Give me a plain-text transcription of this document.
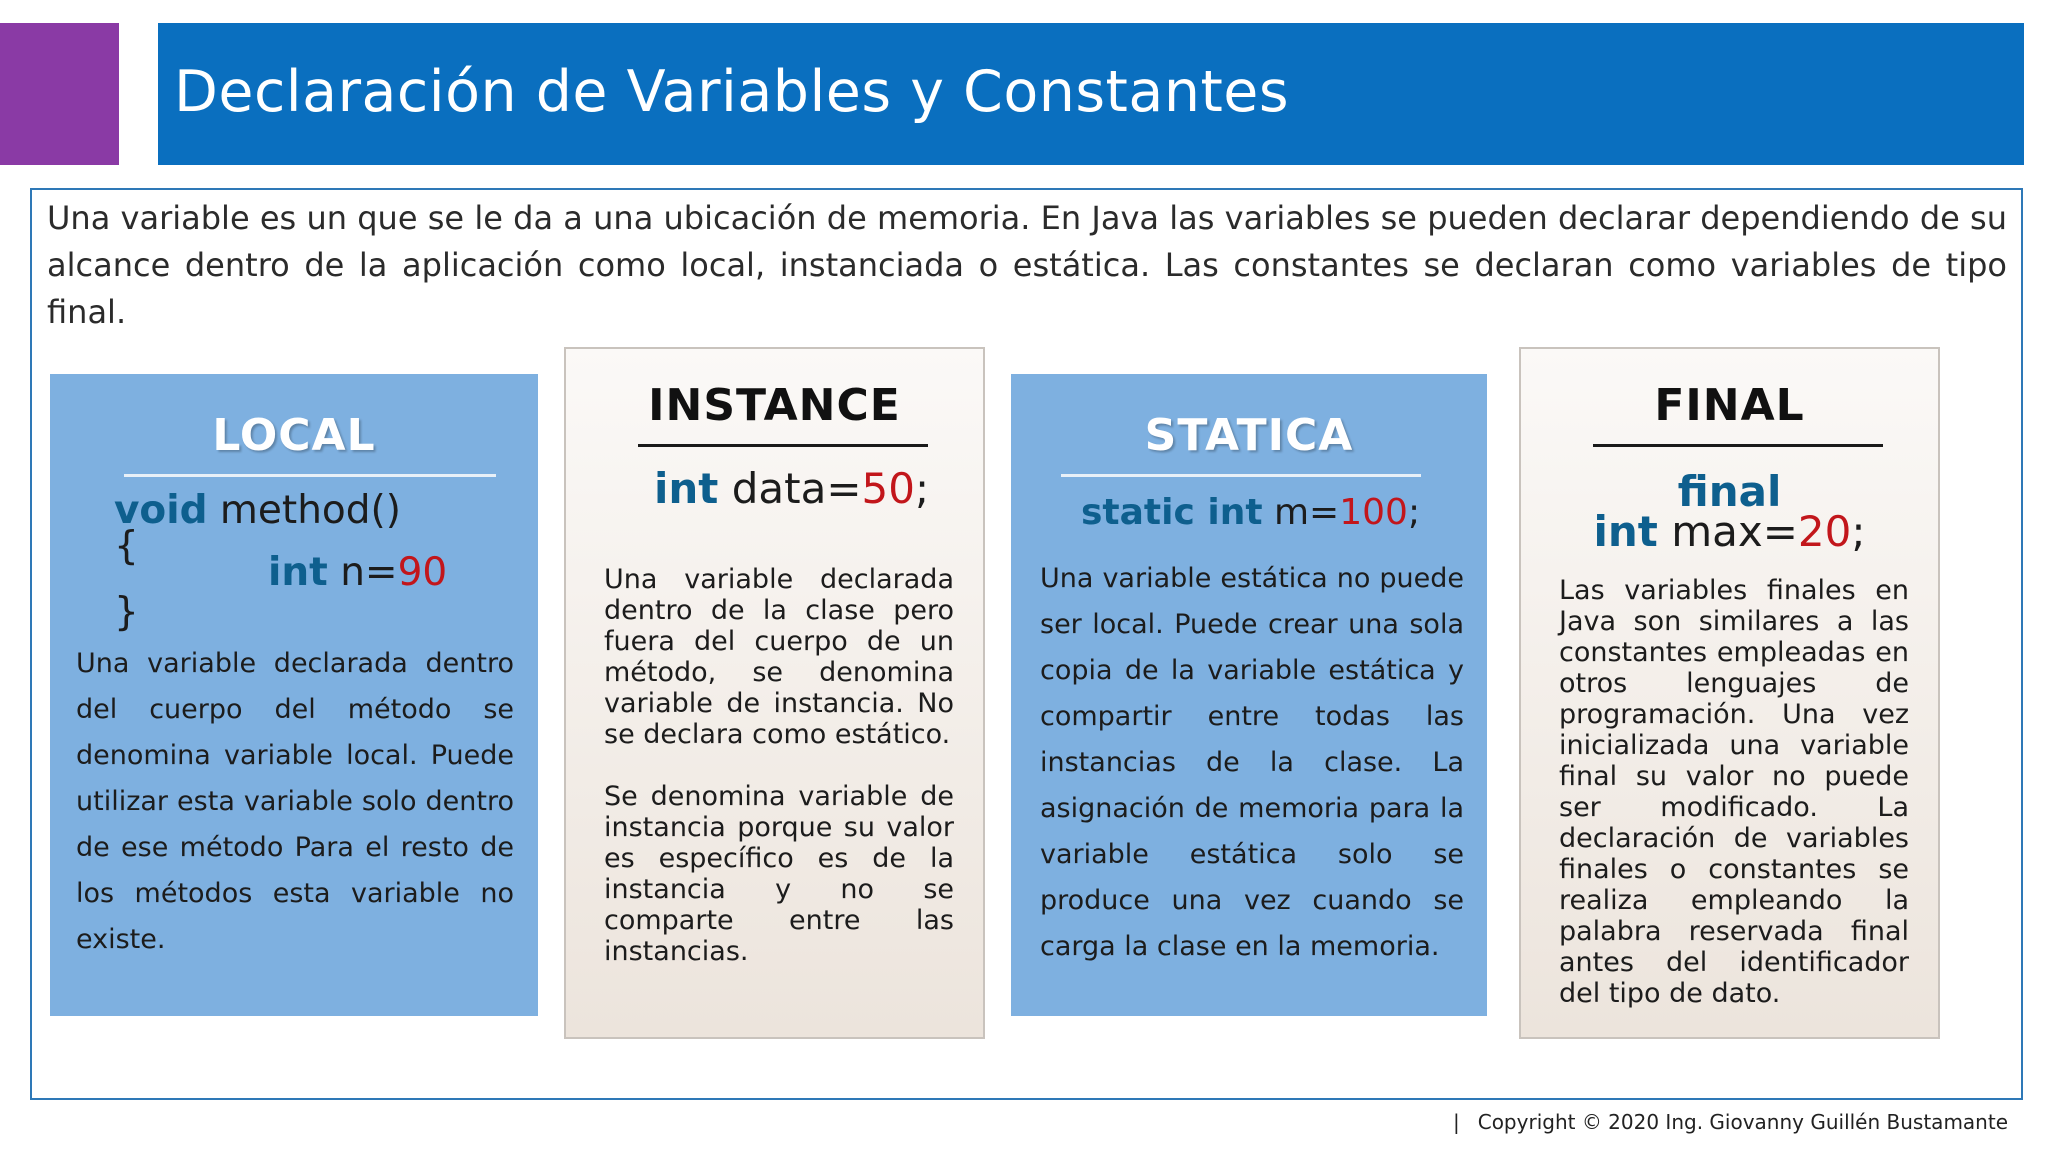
Declaración de Variables y Constantes
Una variable es un que se le da a una ubicación de memoria. En Java las variables se pueden declarar dependiendo de su alcance dentro de la aplicación como local, instanciada o estática. Las constantes se declaran como variables de tipo final.
LOCAL
void method()
{
int n=90
}
Una variable declarada dentro del cuerpo del método se denomina variable local. Puede utilizar esta variable solo dentro de ese método Para el resto de los métodos esta variable no existe.
INSTANCE
int data=50;
Una variable declarada dentro de la clase pero fuera del cuerpo de un método, se denomina variable de instancia. No se declara como estático.
Se denomina variable de instancia porque su valor es específico es de la instancia y no se comparte entre las instancias.
STATICA
static int m=100;
Una variable estática no puede ser local. Puede crear una sola copia de la variable estática y compartir entre todas las instancias de la clase. La asignación de memoria para la variable estática solo se produce una vez cuando se carga la clase en la memoria.
FINAL
final
int max=20;
Las variables finales en Java son similares a las constantes empleadas en otros lenguajes de programación. Una vez inicializada una variable final su valor no puede ser modificado. La declaración de variables finales o constantes se realiza empleando la palabra reservada final antes del identificador del tipo de dato.
| Copyright © 2020 Ing. Giovanny Guillén Bustamante
